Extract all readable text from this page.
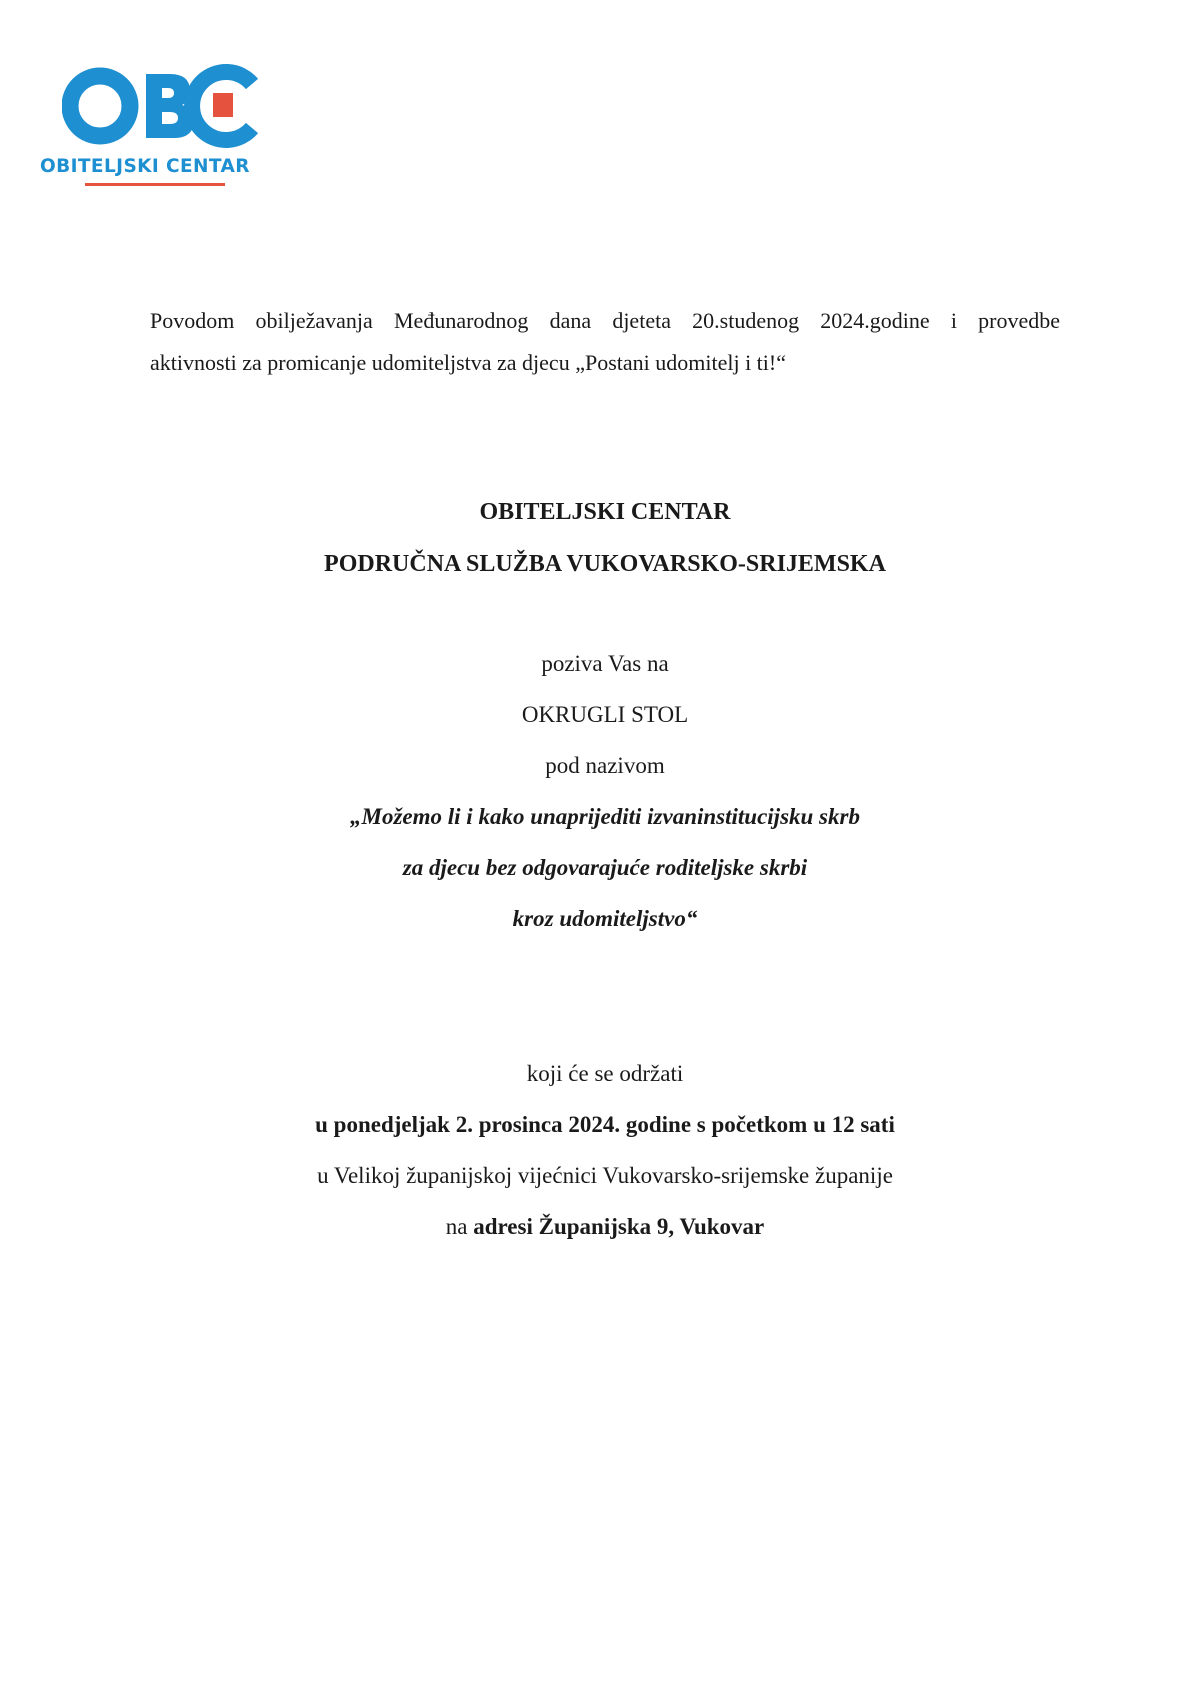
OBITELJSKI CENTAR

Povodom obilježavanja Međunarodnog dana djeteta 20.studenog 2024.godine i provedbe

aktivnosti za promicanje udomiteljstva za djecu „Postani udomitelj i ti!“

OBITELJSKI CENTAR

PODRUČNA SLUŽBA VUKOVARSKO-SRIJEMSKA

poziva Vas na

OKRUGLI STOL

pod nazivom

„Možemo li i kako unaprijediti izvaninstitucijsku skrb

za djecu bez odgovarajuće roditeljske skrbi

kroz udomiteljstvo“

koji će se održati

u ponedjeljak 2. prosinca 2024. godine s početkom u 12 sati

u Velikoj županijskoj vijećnici Vukovarsko-srijemske županije

na adresi Županijska 9, Vukovar
